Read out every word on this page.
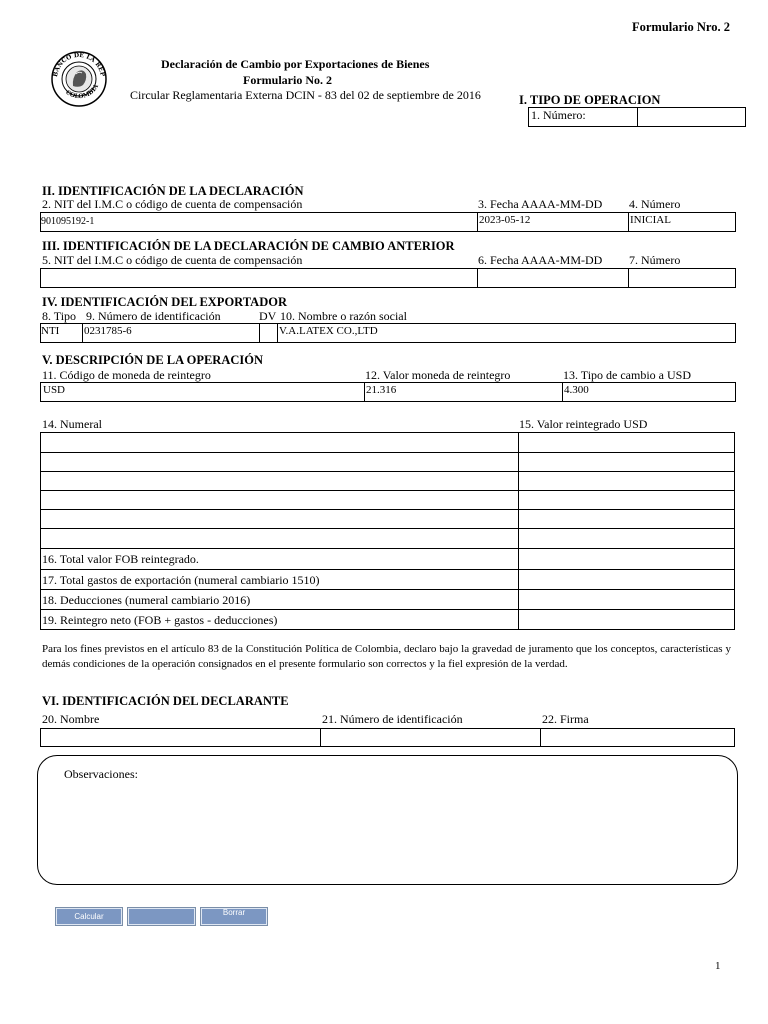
Formulario Nro. 2
BANCO DE LA REP
COLOMBIA
Declaración de Cambio por Exportaciones de Bienes
Formulario No. 2
Circular Reglamentaria Externa DCIN - 83 del 02 de septiembre de 2016	I. TIPO DE OPERACION
1. Número:
II. IDENTIFICACIÓN DE LA DECLARACIÓN
2. NIT del I.M.C o código de cuenta de compensación	3. Fecha AAAA-MM-DD 4. Número
901095192-1	2023-05-12	INICIAL
III. IDENTIFICACIÓN DE LA DECLARACIÓN DE CAMBIO ANTERIOR
5. NIT del I.M.C o código de cuenta de compensación	6. Fecha AAAA-MM-DD 7. Número
IV. IDENTIFICACIÓN DEL EXPORTADOR
8. Tipo 9. Número de identificación	DV 10. Nombre o razón social
NTI 0231785-6	V.A.LATEX CO.,LTD
V. DESCRIPCIÓN DE LA OPERACIÓN
11. Código de moneda de reintegro	12. Valor moneda de reintegro	13. Tipo de cambio a USD
USD	21.316	4.300
14. Numeral	15. Valor reintegrado USD
16. Total valor FOB reintegrado.
17. Total gastos de exportación (numeral cambiario 1510)
18. Deducciones (numeral cambiario 2016)
19. Reintegro neto (FOB + gastos - deducciones)
Para los fines previstos en el artículo 83 de la Constitución Política de Colombia, declaro bajo la gravedad de juramento que los conceptos, características y demás condiciones de la operación consignados en el presente formulario son correctos y la fiel expresión de la verdad.
VI. IDENTIFICACIÓN DEL DECLARANTE
20. Nombre	21. Número de identificación	22. Firma
Observaciones:
Calcular	Borrar
1
